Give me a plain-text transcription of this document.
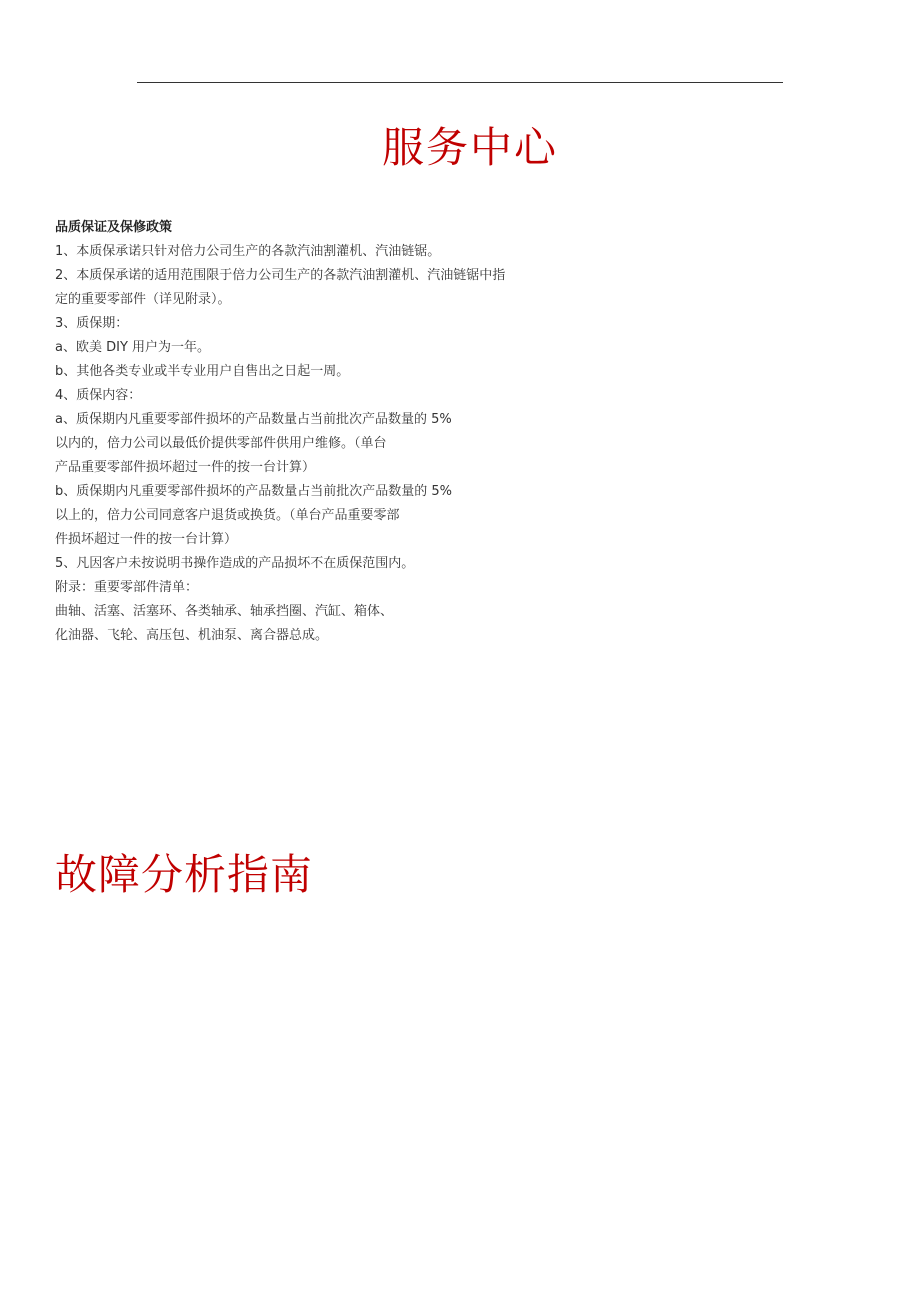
服务中心

品质保证及保修政策

1、本质保承诺只针对倍力公司生产的各款汽油割灌机、汽油链锯。
2、本质保承诺的适用范围限于倍力公司生产的各款汽油割灌机、汽油链锯中指
定的重要零部件（详见附录）。
3、质保期：
a、欧美 DIY 用户为一年。
b、其他各类专业或半专业用户自售出之日起一周。
4、质保内容：
a、质保期内凡重要零部件损坏的产品数量占当前批次产品数量的 5%
以内的，倍力公司以最低价提供零部件供用户维修。（单台
产品重要零部件损坏超过一件的按一台计算）
b、质保期内凡重要零部件损坏的产品数量占当前批次产品数量的 5%
以上的，倍力公司同意客户退货或换货。（单台产品重要零部
件损坏超过一件的按一台计算）
5、凡因客户未按说明书操作造成的产品损坏不在质保范围内。
附录：重要零部件清单：
曲轴、活塞、活塞环、各类轴承、轴承挡圈、汽缸、箱体、
化油器、飞轮、高压包、机油泵、离合器总成。
故障分析指南
